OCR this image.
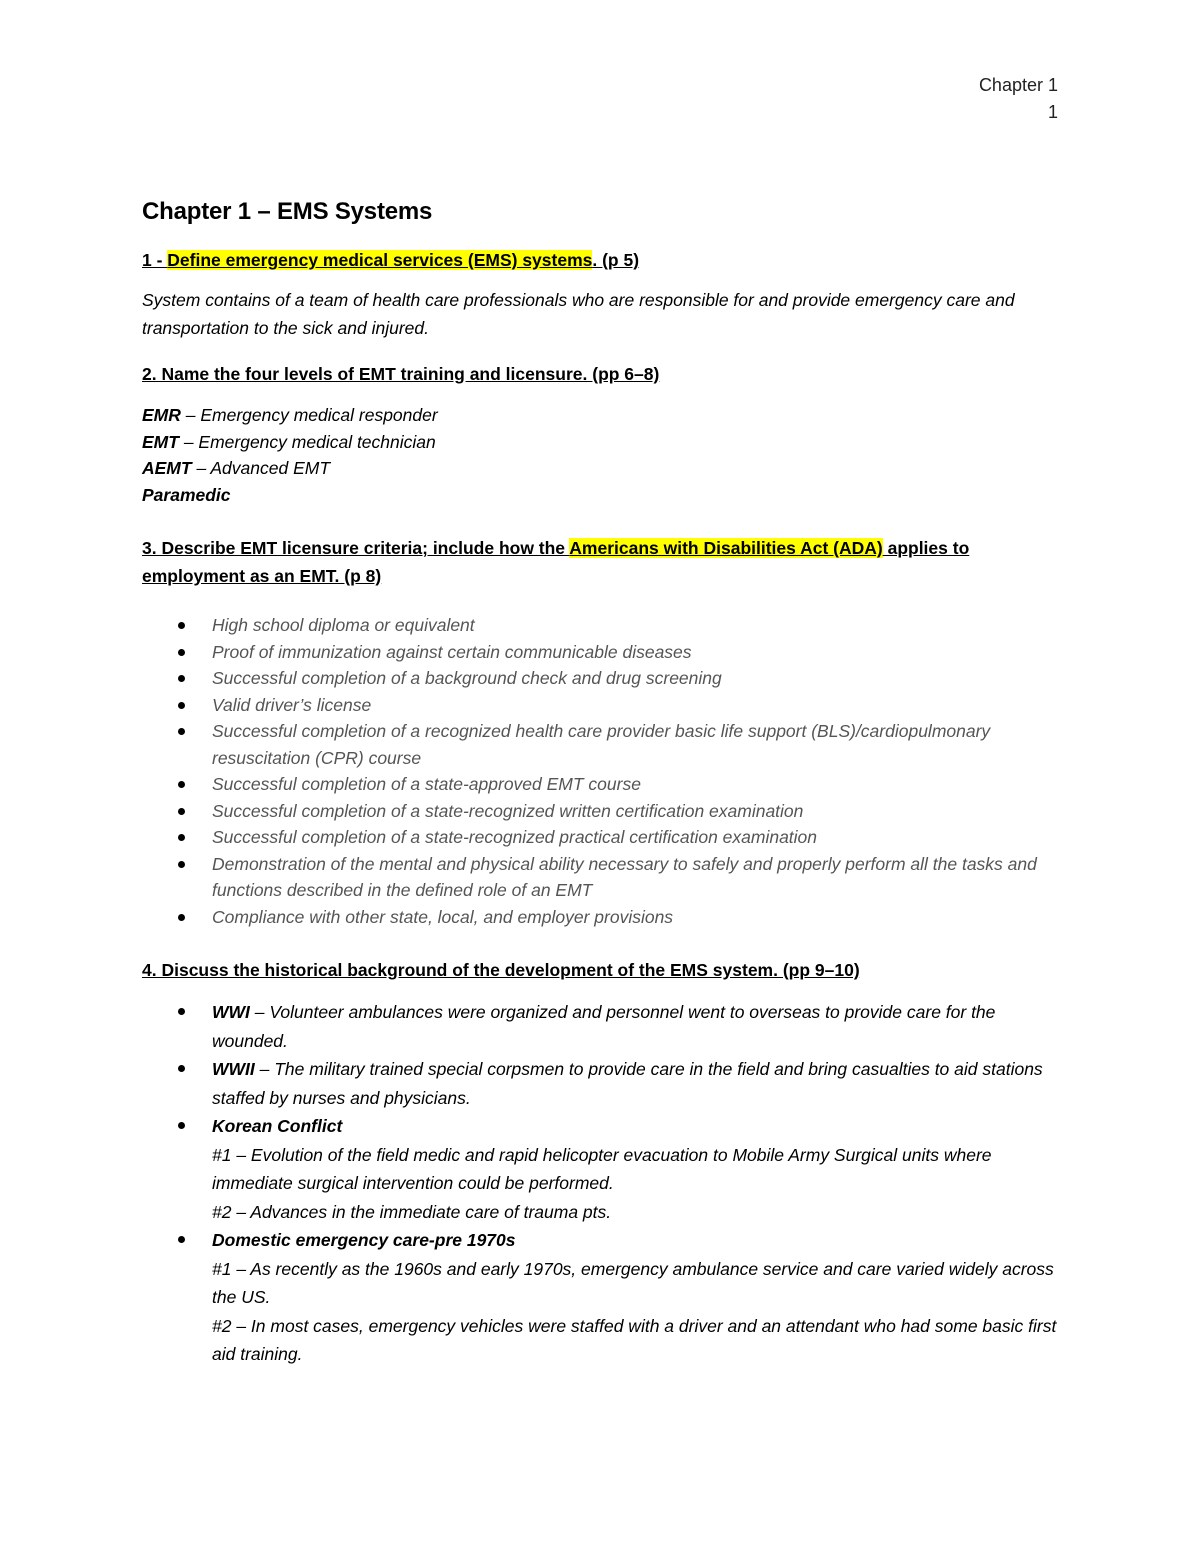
Chapter 1
1
Chapter 1 – EMS Systems

1 - Define emergency medical services (EMS) systems. (p 5)

System contains of a team of health care professionals who are responsible for and provide emergency care and transportation to the sick and injured.

2. Name the four levels of EMT training and licensure. (pp 6–8)

EMR – Emergency medical responder

EMT – Emergency medical technician

AEMT – Advanced EMT

Paramedic

3. Describe EMT licensure criteria; include how the Americans with Disabilities Act (ADA) applies to employment as an EMT. (p 8)

High school diploma or equivalent
Proof of immunization against certain communicable diseases
Successful completion of a background check and drug screening
Valid driver’s license
Successful completion of a recognized health care provider basic life support (BLS)/cardiopulmonary resuscitation (CPR) course
Successful completion of a state-approved EMT course
Successful completion of a state-recognized written certification examination
Successful completion of a state-recognized practical certification examination
Demonstration of the mental and physical ability necessary to safely and properly perform all the tasks and functions described in the defined role of an EMT
Compliance with other state, local, and employer provisions

4. Discuss the historical background of the development of the EMS system. (pp 9–10)

WWI – Volunteer ambulances were organized and personnel went to overseas to provide care for the wounded.
WWII – The military trained special corpsmen to provide care in the field and bring casualties to aid stations staffed by nurses and physicians.
Korean Conflict
#1 – Evolution of the field medic and rapid helicopter evacuation to Mobile Army Surgical units where immediate surgical intervention could be performed.
#2 – Advances in the immediate care of trauma pts.
Domestic emergency care-pre 1970s
#1 – As recently as the 1960s and early 1970s, emergency ambulance service and care varied widely across the US.
#2 – In most cases, emergency vehicles were staffed with a driver and an attendant who had some basic first aid training.
